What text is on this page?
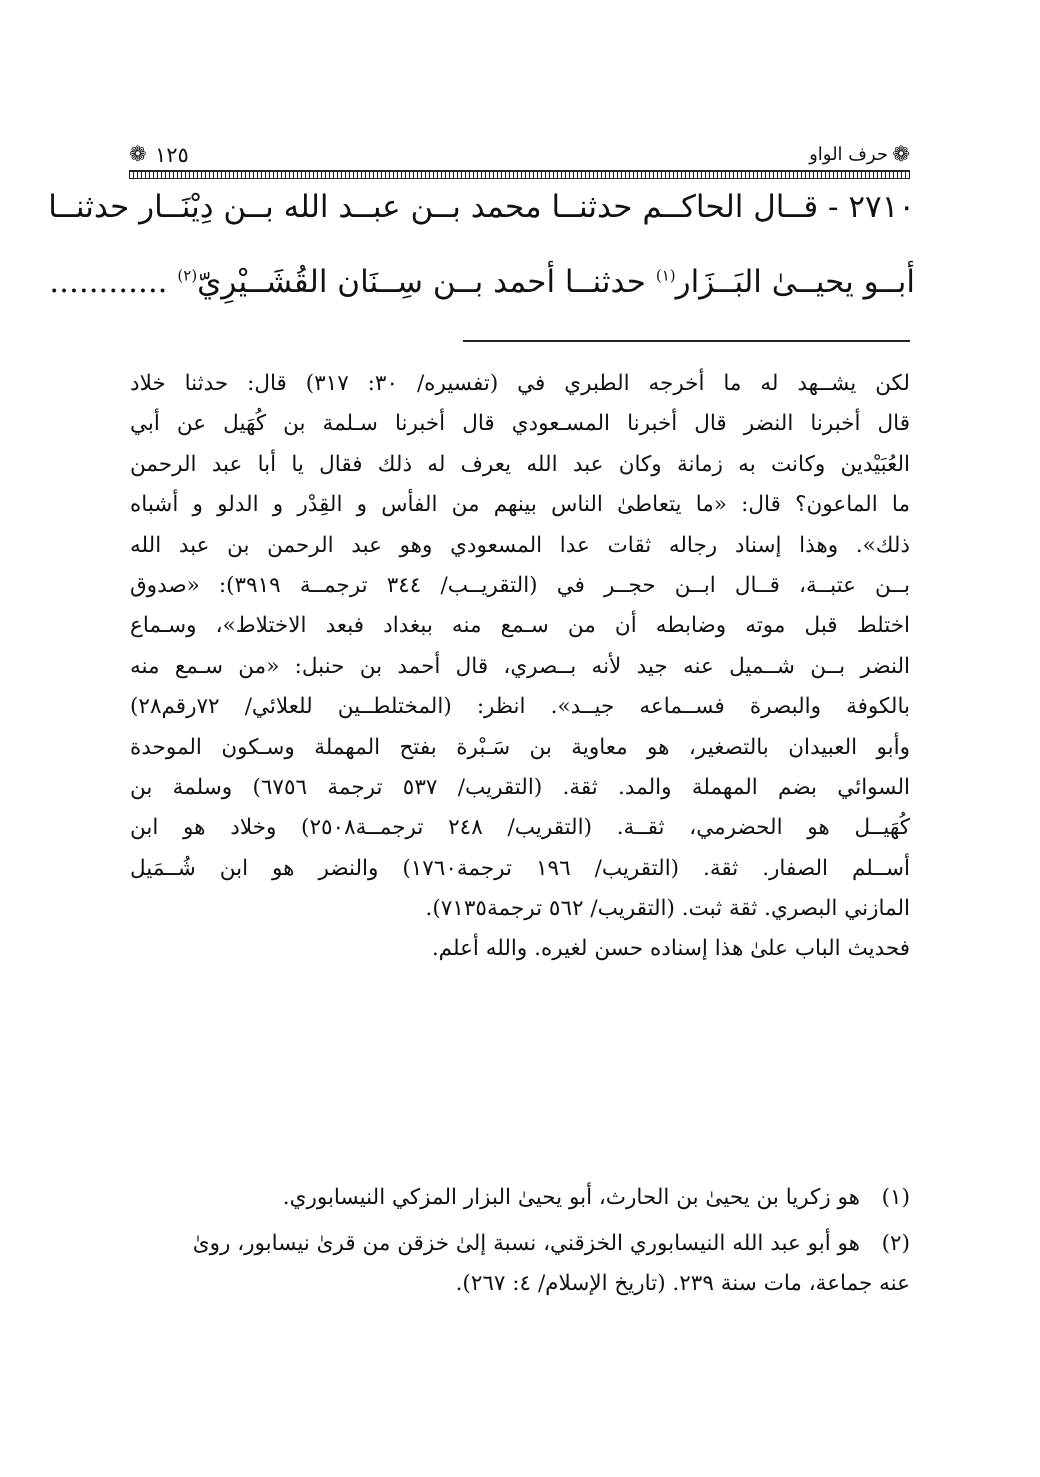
❁ ١٢٥	حرف الواو ❁

٢٧١٠ - قــال الحاكــم حدثنــا محمد بــن عبــد الله بــن دِيْنَــار حدثنــا

أبــو يحيــیٰ البَــزَار$^{(١)}$ حدثنــا أحمد بــن سِــنَان القُشَــيْرِيّ$^{(٢)}$ ............

لكن يشــهد له ما أخرجه الطبري في (تفسيره/ ٣٠: ٣١٧) قال: حدثنا خلاد

قال أخبرنا النضر قال أخبرنا المسـعودي قال أخبرنا سـلمة بن كُهَيل عن أبي

العُبَيْدين وكانت به زمانة وكان عبد الله يعرف له ذلك فقال يا أبا عبد الرحمن

ما الماعون؟ قال: «ما يتعاطىٰ الناس بينهم من الفأس و القِدْر و الدلو و أشباه

ذلك». وهذا إسناد رجاله ثقات عدا المسعودي وهو عبد الرحمن بن عبد الله

بــن عتبــة، قــال ابــن حجــر في (التقريــب/ ٣٤٤ ترجمــة ٣٩١٩): «صدوق

اختلط قبل موته وضابطه أن من سـمع منه ببغداد فبعد الاختلاط»، وسـماع

النضر بــن شــميل عنه جيد لأنه بــصري، قال أحمد بن حنبل: «من سـمع منه

بالكوفة والبصرة فســماعه جيــد». انظر: (المختلطــين للعلائي/ ٧٢رقم٢٨)

وأبو العبيدان بالتصغير، هو معاوية بن سَـبْرة بفتح المهملة وسـكون الموحدة

السوائي بضم المهملة والمد. ثقة. (التقريب/ ٥٣٧ ترجمة ٦٧٥٦) وسلمة بن

كُهَيــل هو الحضرمي، ثقــة. (التقريب/ ٢٤٨ ترجمــة٢٥٠٨) وخلاد هو ابن

أســلم الصفار. ثقة. (التقريب/ ١٩٦ ترجمة١٧٦٠) والنضر هو ابن شُــمَيل

المازني البصري. ثقة ثبت. (التقريب/ ٥٦٢ ترجمة٧١٣٥).

فحديث الباب علىٰ هذا إسناده حسن لغيره. والله أعلم.

(١)
هو زكريا بن يحيىٰ بن الحارث، أبو يحيىٰ البزار المزكي النيسابوري.
(٢)
هو أبو عبد الله النيسابوري الخزقني، نسبة إلىٰ خزقن من قرىٰ نيسابور، روىٰ
عنه جماعة، مات سنة ٢٣٩. (تاريخ الإسلام/ ٤: ٢٦٧).
